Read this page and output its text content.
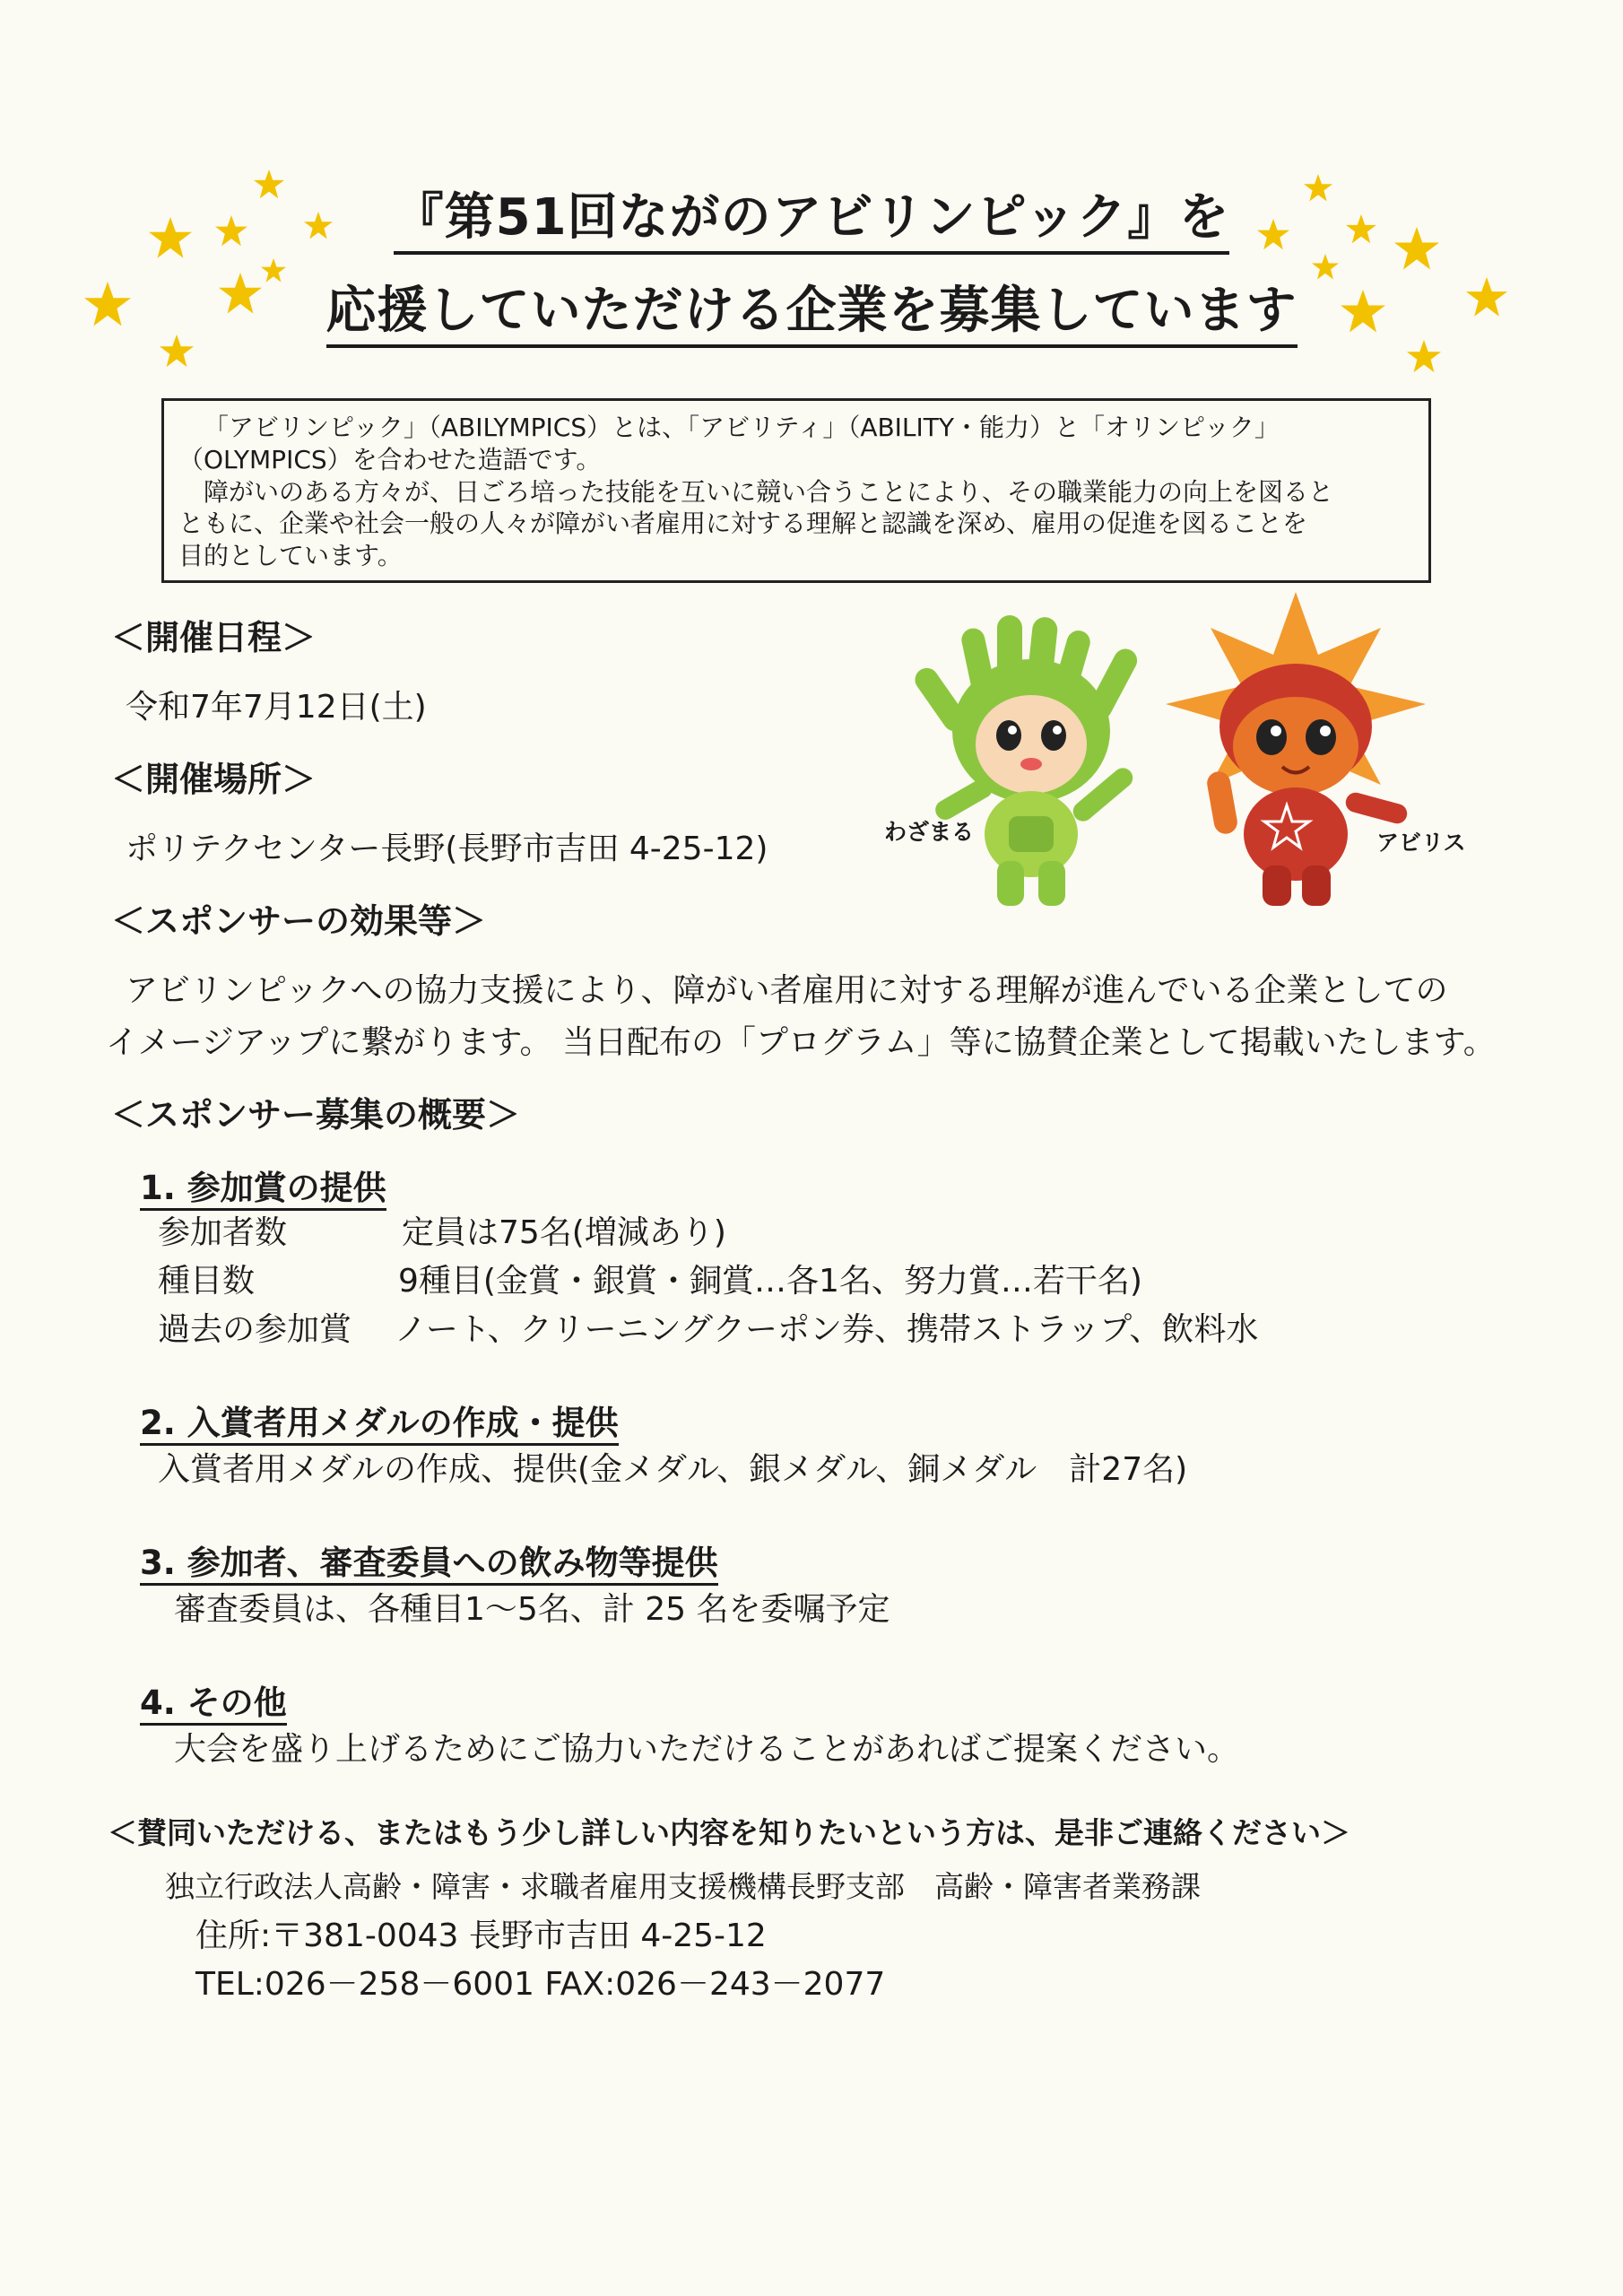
『第51回ながのアビリンピック』を
応援していただける企業を募集しています

「アビリンピック」（ABILYMPICS）とは、「アビリティ」（ABILITY・能力）と「オリンピック」

（OLYMPICS）を合わせた造語です。

障がいのある方々が、日ごろ培った技能を互いに競い合うことにより、その職業能力の向上を図ると

ともに、企業や社会一般の人々が障がい者雇用に対する理解と認識を深め、雇用の促進を図ることを

目的としています。

＜開催日程＞
令和7年7月12日(土)
＜開催場所＞
ポリテクセンター長野(長野市吉田 4-25-12)	わざまる	アビリス
＜スポンサーの効果等＞
アビリンピックへの協力支援により、障がい者雇用に対する理解が進んでいる企業としての
イメージアップに繋がります。 当日配布の「プログラム」等に協賛企業として掲載いたします。
＜スポンサー募集の概要＞
1. 参加賞の提供
参加者数	定員は75名(増減あり)
種目数	9種目(金賞・銀賞・銅賞…各1名、努力賞…若干名)
過去の参加賞 ノート、クリーニングクーポン券、携帯ストラップ、飲料水
2. 入賞者用メダルの作成・提供
入賞者用メダルの作成、提供(金メダル、銀メダル、銅メダル　計27名)
3. 参加者、審査委員への飲み物等提供
審査委員は、各種目1～5名、計 25 名を委嘱予定
4. その他
大会を盛り上げるためにご協力いただけることがあればご提案ください。
＜賛同いただける、またはもう少し詳しい内容を知りたいという方は、是非ご連絡ください＞
独立行政法人高齢・障害・求職者雇用支援機構長野支部　高齢・障害者業務課
住所:〒381-0043 長野市吉田 4-25-12
TEL:026－258－6001 FAX:026－243－2077
